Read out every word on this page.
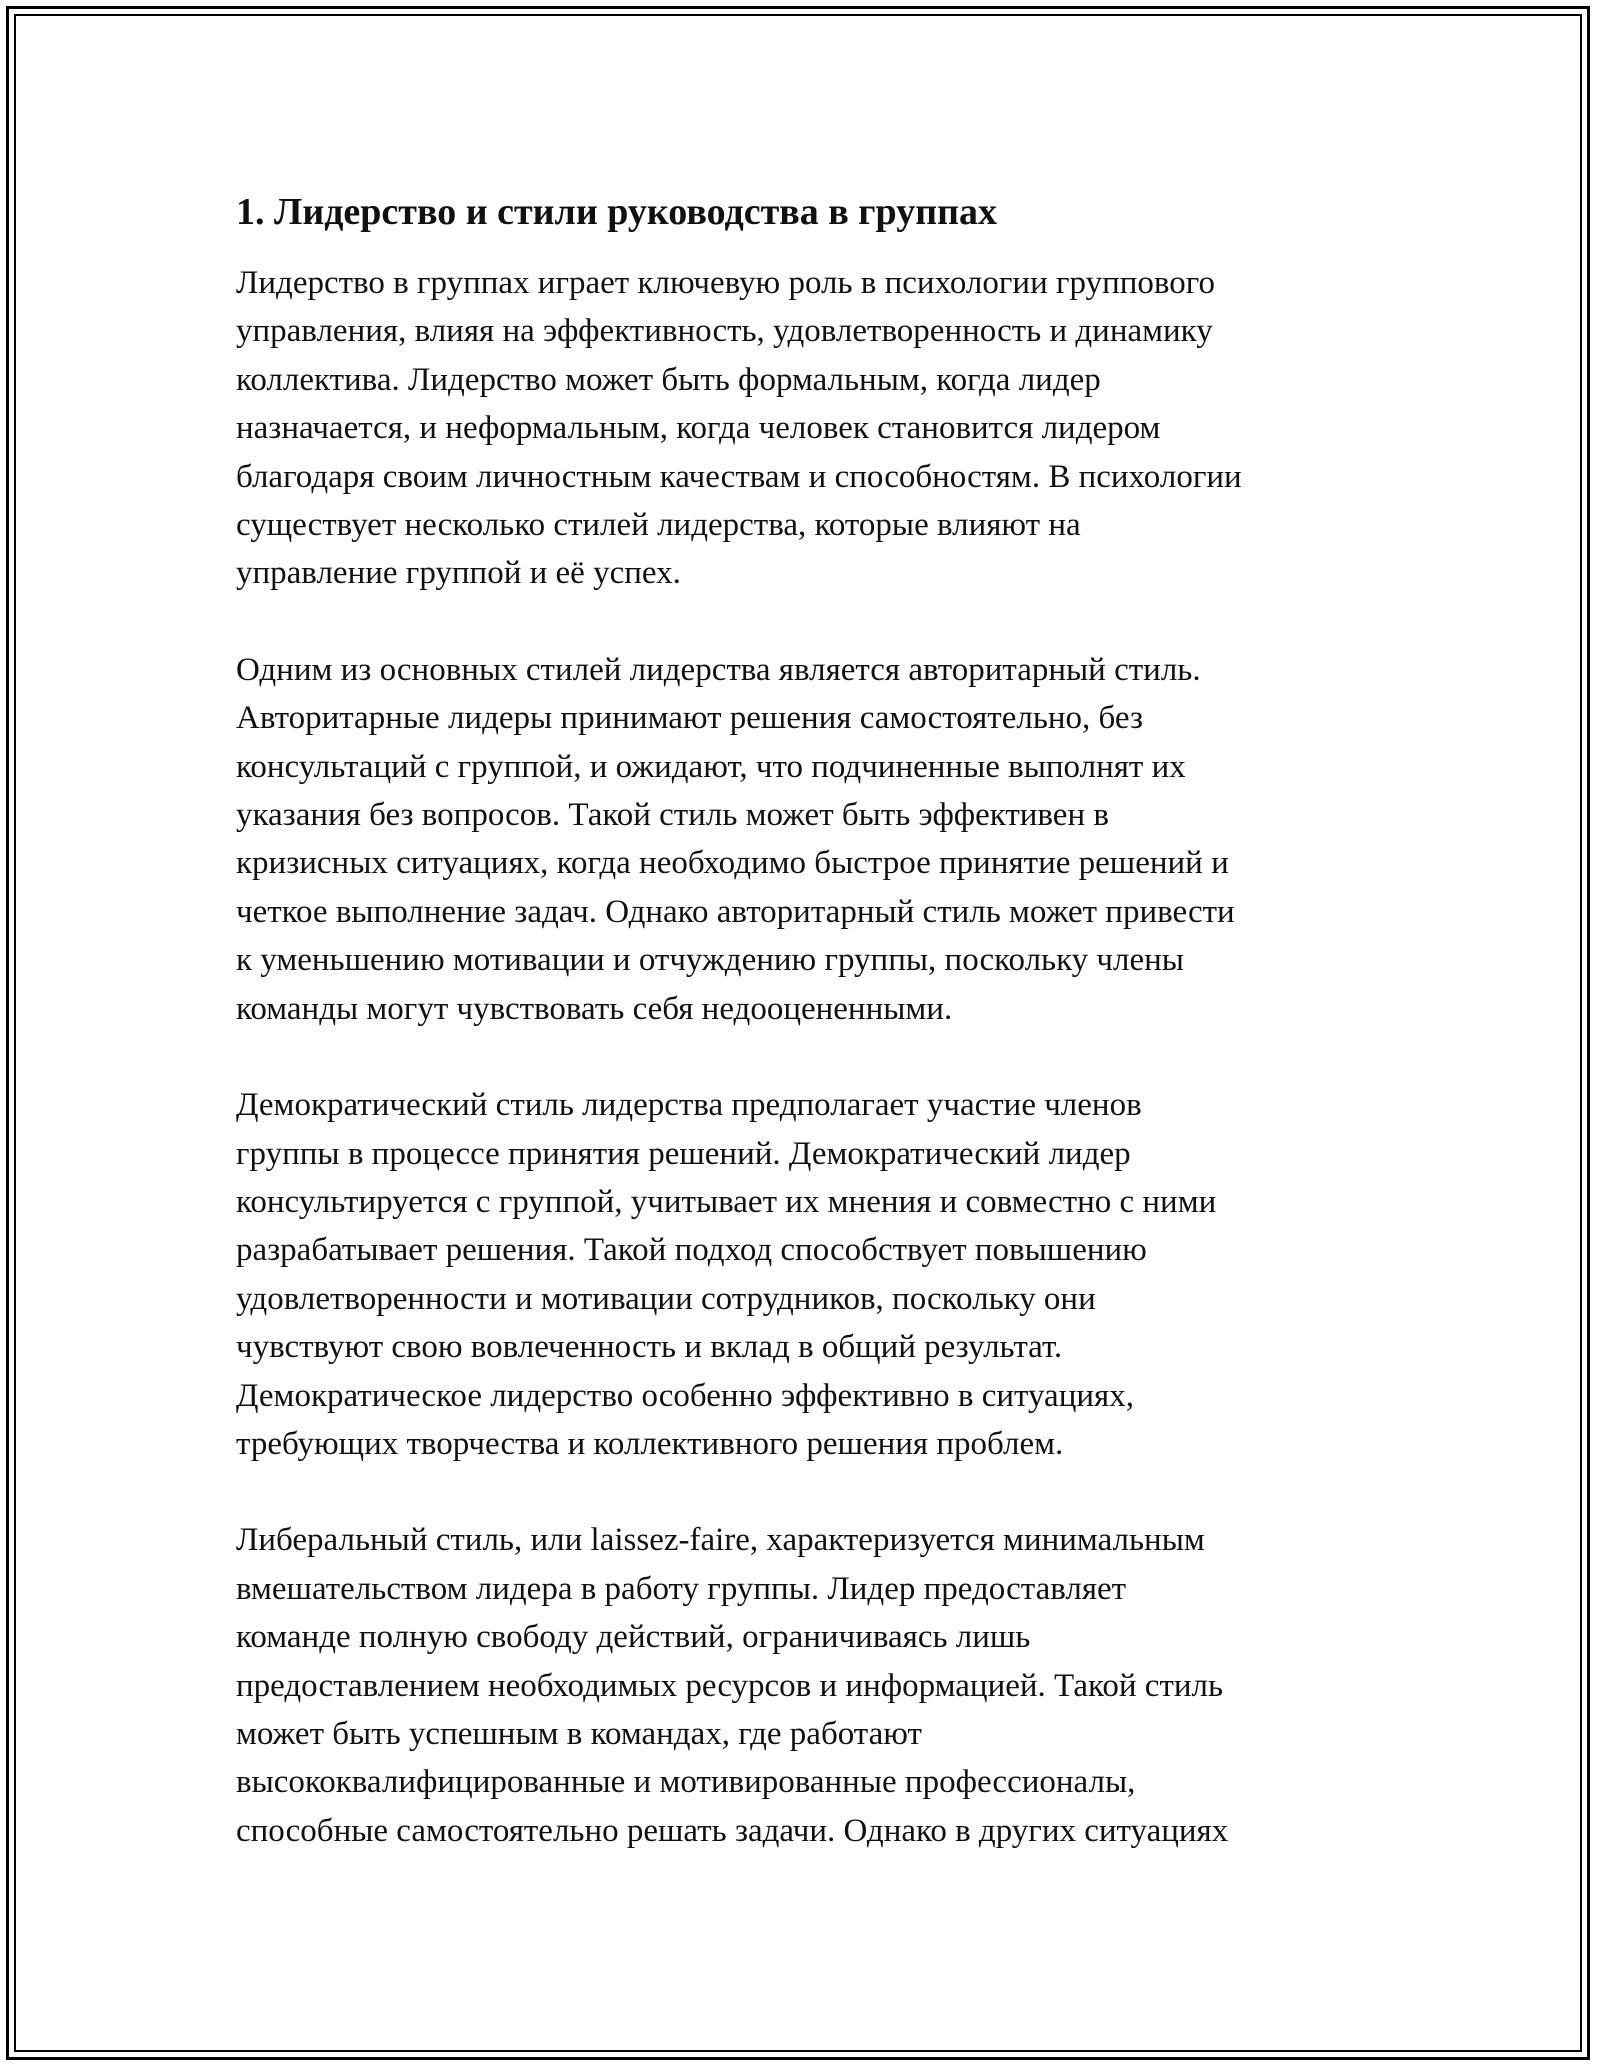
1. Лидерство и стили руководства в группах

Лидерство в группах играет ключевую роль в психологии группового
управления, влияя на эффективность, удовлетворенность и динамику
коллектива. Лидерство может быть формальным, когда лидер
назначается, и неформальным, когда человек становится лидером
благодаря своим личностным качествам и способностям. В психологии
существует несколько стилей лидерства, которые влияют на
управление группой и её успех.

Одним из основных стилей лидерства является авторитарный стиль.
Авторитарные лидеры принимают решения самостоятельно, без
консультаций с группой, и ожидают, что подчиненные выполнят их
указания без вопросов. Такой стиль может быть эффективен в
кризисных ситуациях, когда необходимо быстрое принятие решений и
четкое выполнение задач. Однако авторитарный стиль может привести
к уменьшению мотивации и отчуждению группы, поскольку члены
команды могут чувствовать себя недооцененными.

Демократический стиль лидерства предполагает участие членов
группы в процессе принятия решений. Демократический лидер
консультируется с группой, учитывает их мнения и совместно с ними
разрабатывает решения. Такой подход способствует повышению
удовлетворенности и мотивации сотрудников, поскольку они
чувствуют свою вовлеченность и вклад в общий результат.
Демократическое лидерство особенно эффективно в ситуациях,
требующих творчества и коллективного решения проблем.

Либеральный стиль, или laissez-faire, характеризуется минимальным
вмешательством лидера в работу группы. Лидер предоставляет
команде полную свободу действий, ограничиваясь лишь
предоставлением необходимых ресурсов и информацией. Такой стиль
может быть успешным в командах, где работают
высококвалифицированные и мотивированные профессионалы,
способные самостоятельно решать задачи. Однако в других ситуациях
